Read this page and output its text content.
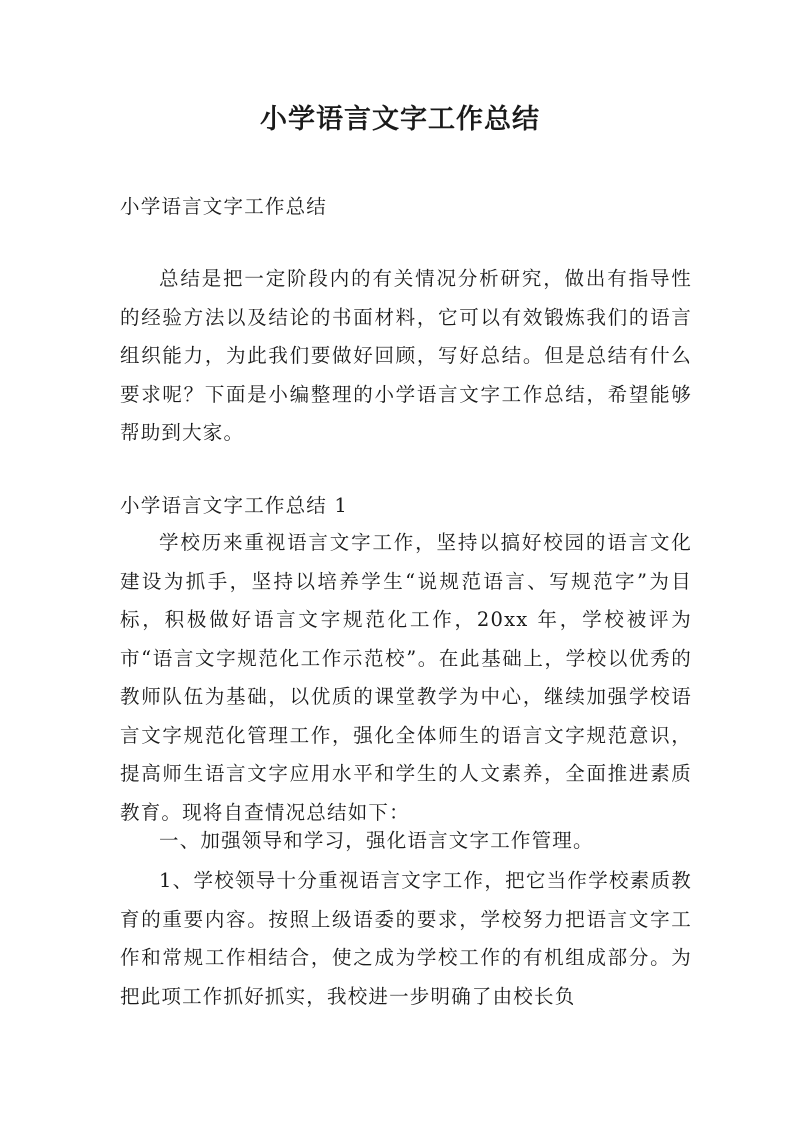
小学语言文字工作总结

小学语言文字工作总结

总结是把一定阶段内的有关情况分析研究，做出有指导性的经验方法以及结论的书面材料，它可以有效锻炼我们的语言组织能力，为此我们要做好回顾，写好总结。但是总结有什么要求呢？下面是小编整理的小学语言文字工作总结，希望能够帮助到大家。

小学语言文字工作总结 1

学校历来重视语言文字工作，坚持以搞好校园的语言文化建设为抓手，坚持以培养学生“说规范语言、写规范字”为目标，积极做好语言文字规范化工作，20xx 年，学校被评为市“语言文字规范化工作示范校”。在此基础上，学校以优秀的教师队伍为基础，以优质的课堂教学为中心，继续加强学校语言文字规范化管理工作，强化全体师生的语言文字规范意识，提高师生语言文字应用水平和学生的人文素养，全面推进素质教育。现将自查情况总结如下：

一、加强领导和学习，强化语言文字工作管理。

1、学校领导十分重视语言文字工作，把它当作学校素质教育的重要内容。按照上级语委的要求，学校努力把语言文字工作和常规工作相结合，使之成为学校工作的有机组成部分。为把此项工作抓好抓实，我校进一步明确了由校长负
